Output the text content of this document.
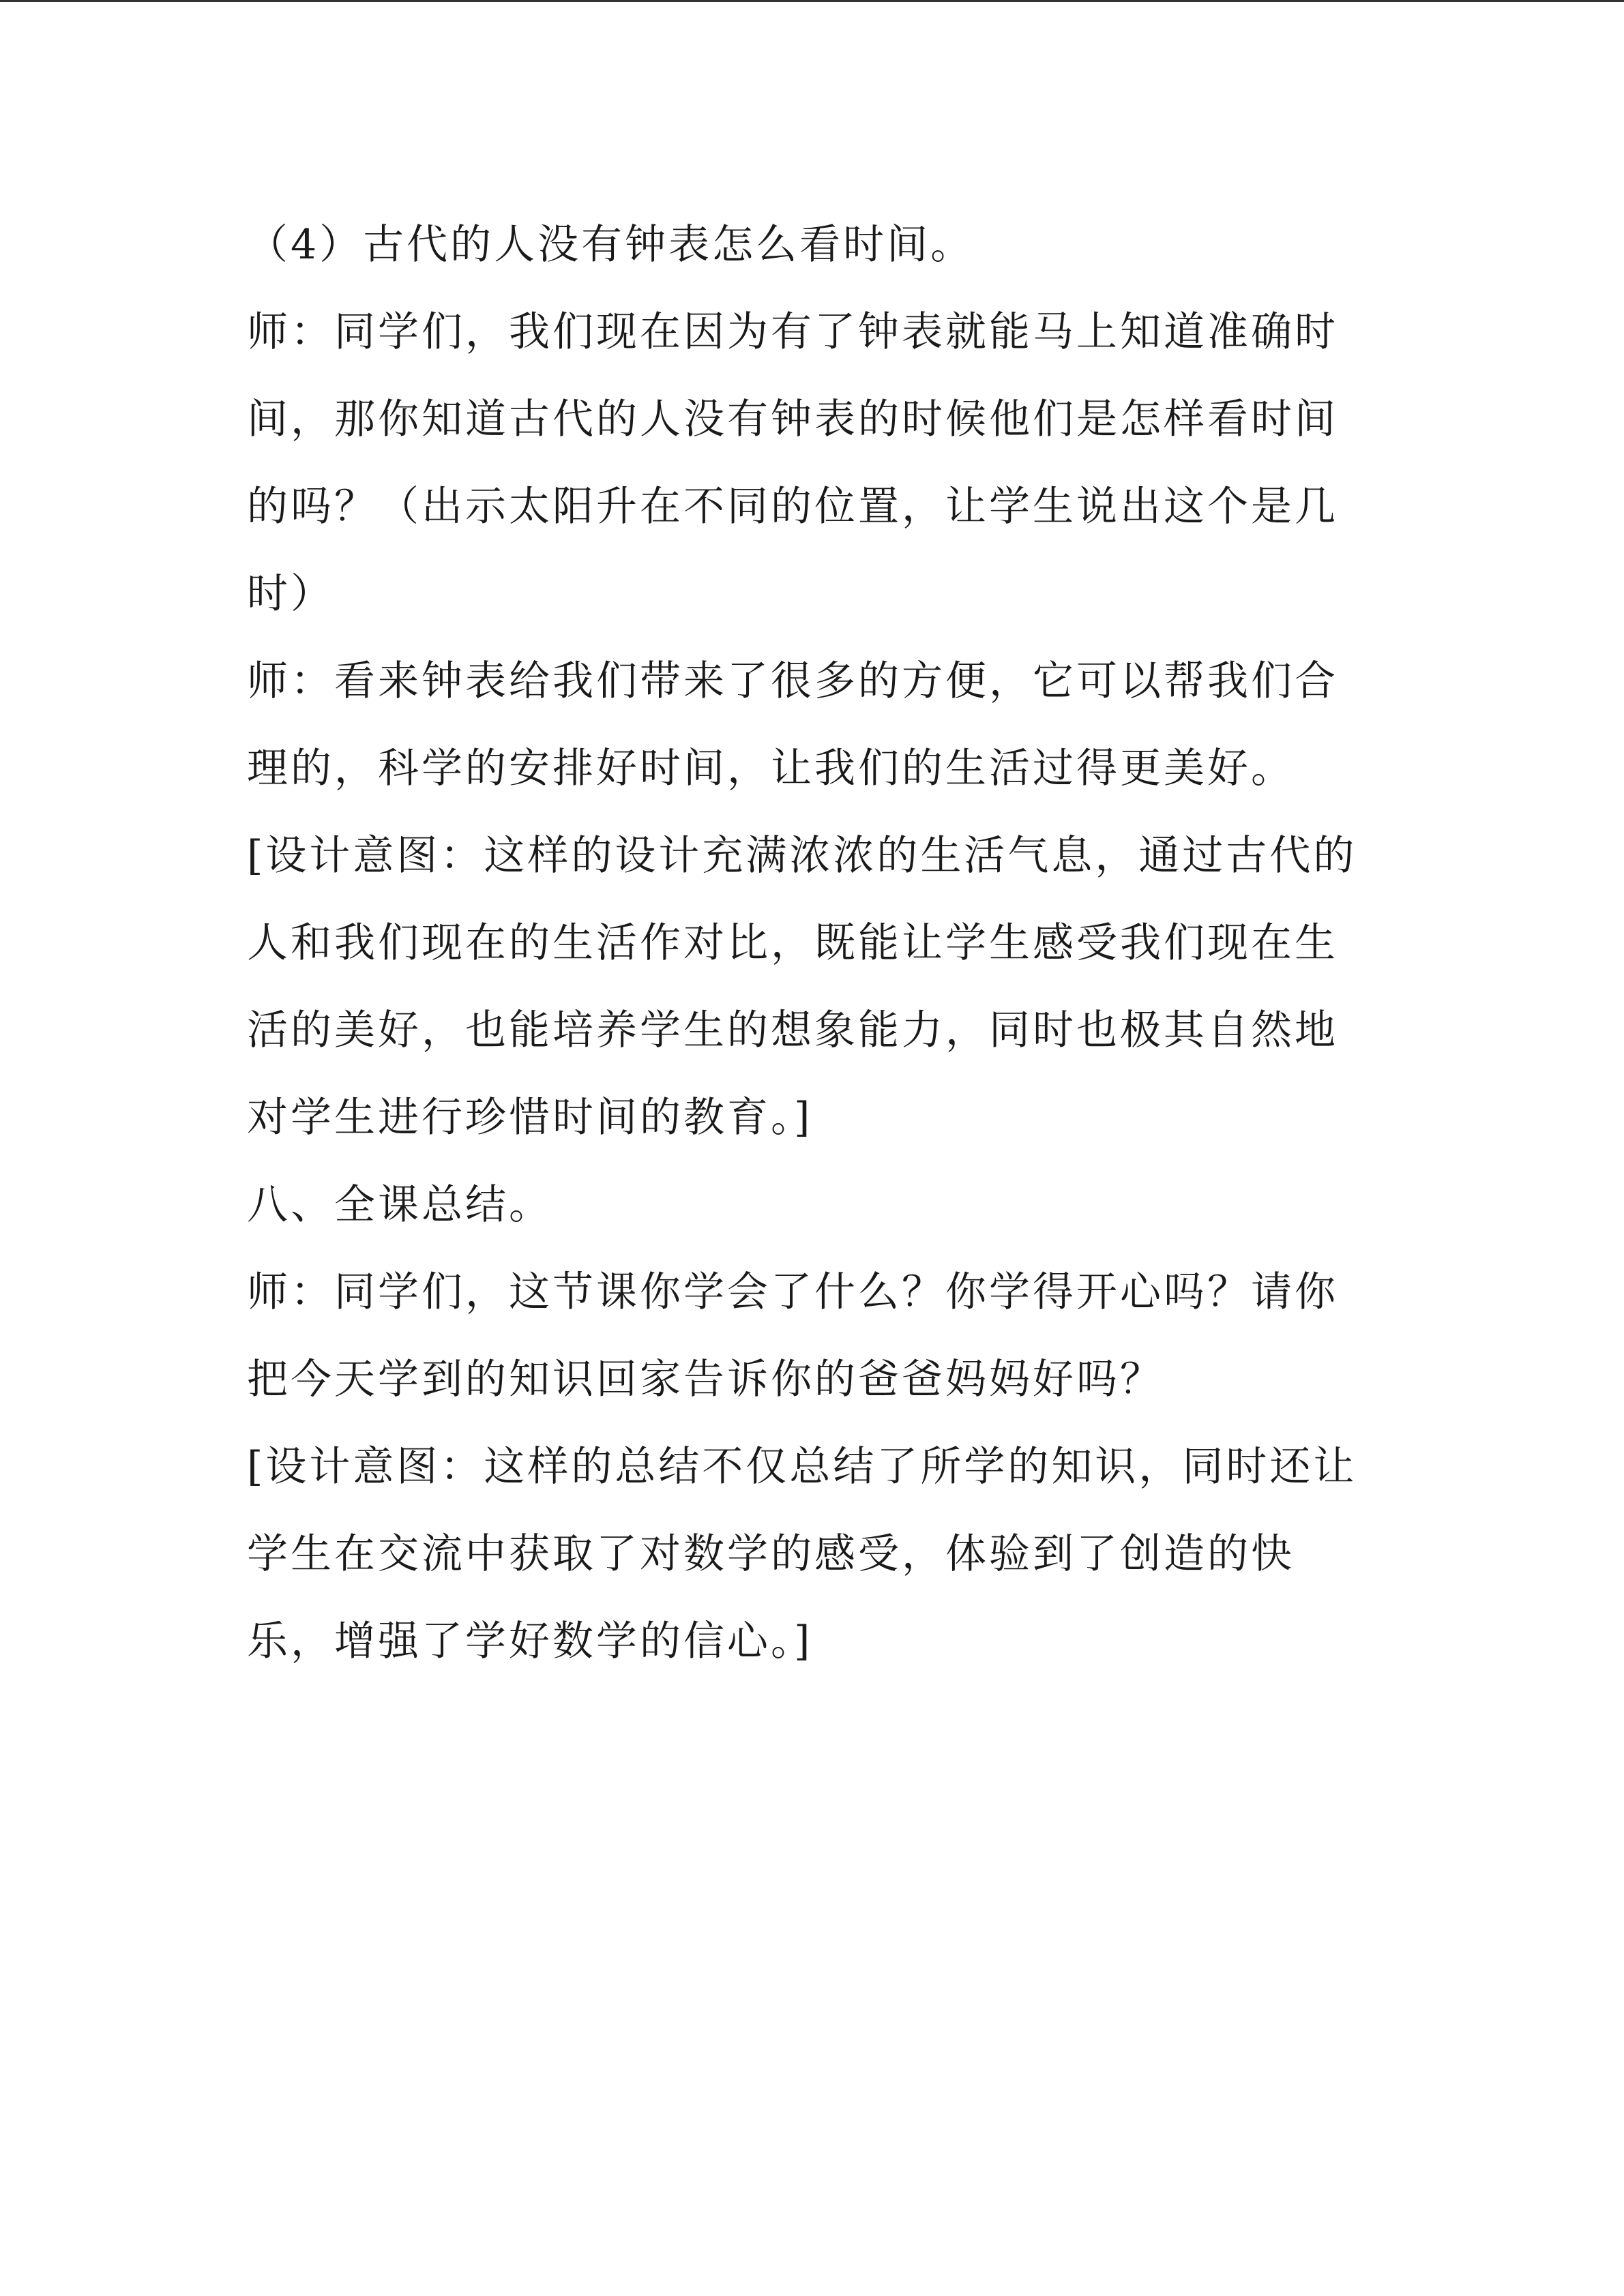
（4）古代的人没有钟表怎么看时间。
师：同学们，我们现在因为有了钟表就能马上知道准确时
间，那你知道古代的人没有钟表的时候他们是怎样看时间
的吗？（出示太阳升在不同的位置，让学生说出这个是几
时）
师：看来钟表给我们带来了很多的方便，它可以帮我们合
理的，科学的安排好时间，让我们的生活过得更美好。
[设计意图：这样的设计充满浓浓的生活气息，通过古代的
人和我们现在的生活作对比，既能让学生感受我们现在生
活的美好，也能培养学生的想象能力，同时也极其自然地
对学生进行珍惜时间的教育。]
八、全课总结。
师：同学们，这节课你学会了什么？你学得开心吗？请你
把今天学到的知识回家告诉你的爸爸妈妈好吗？
[设计意图：这样的总结不仅总结了所学的知识，同时还让
学生在交流中获取了对数学的感受，体验到了创造的快
乐，增强了学好数学的信心。]
